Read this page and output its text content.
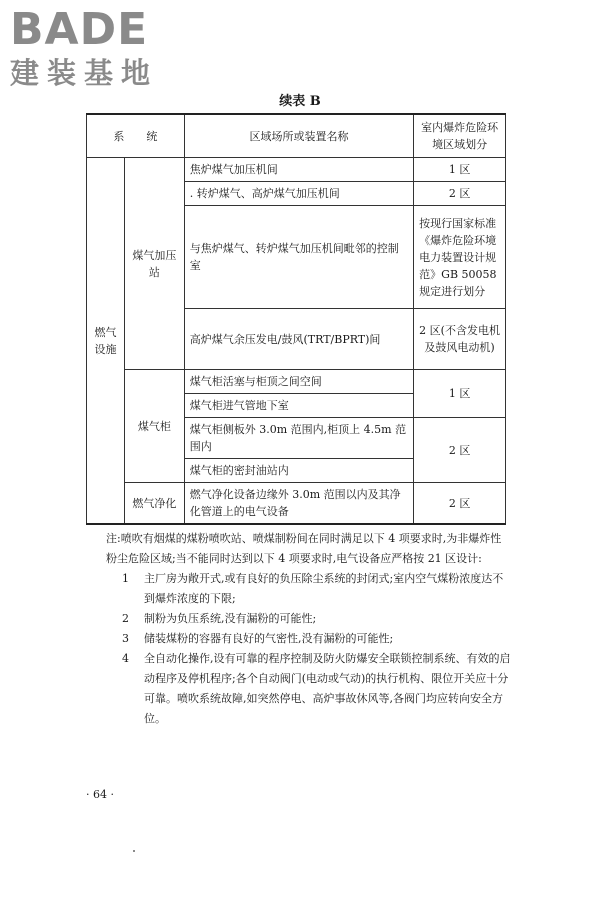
BADE
建装基地
续表 B
系　　统		区域场所或装置名称	室内爆炸危险环境区域划分
燃气设施	煤气加压站	焦炉煤气加压机间	1 区
		. 转炉煤气、高炉煤气加压机间	2 区
		与焦炉煤气、转炉煤气加压机间毗邻的控制室	按现行国家标准《爆炸危险环境电力装置设计规范》GB 50058 规定进行划分
		高炉煤气余压发电/鼓风(TRT/BPRT)间	2 区(不含发电机及鼓风电动机)
	煤气柜	煤气柜活塞与柜顶之间空间	1 区
		煤气柜进气管地下室	
		煤气柜侧板外 3.0m 范围内,柜顶上 4.5m 范围内	2 区
		煤气柜的密封油站内	
	燃气净化	燃气净化设备边缘外 3.0m 范围以内及其净化管道上的电气设备	2 区

注:喷吹有烟煤的煤粉喷吹站、喷煤制粉间在同时满足以下 4 项要求时,为非爆炸性粉尘危险区域;当不能同时达到以下 4 项要求时,电气设备应严格按 21 区设计:

1	主厂房为敞开式,或有良好的负压除尘系统的封闭式;室内空气煤粉浓度达不到爆炸浓度的下限;
2	制粉为负压系统,没有漏粉的可能性;
3	储装煤粉的容器有良好的气密性,没有漏粉的可能性;
4	全自动化操作,设有可靠的程序控制及防火防爆安全联锁控制系统、有效的启动程序及停机程序;各个自动阀门(电动或气动)的执行机构、限位开关应十分可靠。喷吹系统故障,如突然停电、高炉事故休风等,各阀门均应转向安全方位。
· 64 ·
